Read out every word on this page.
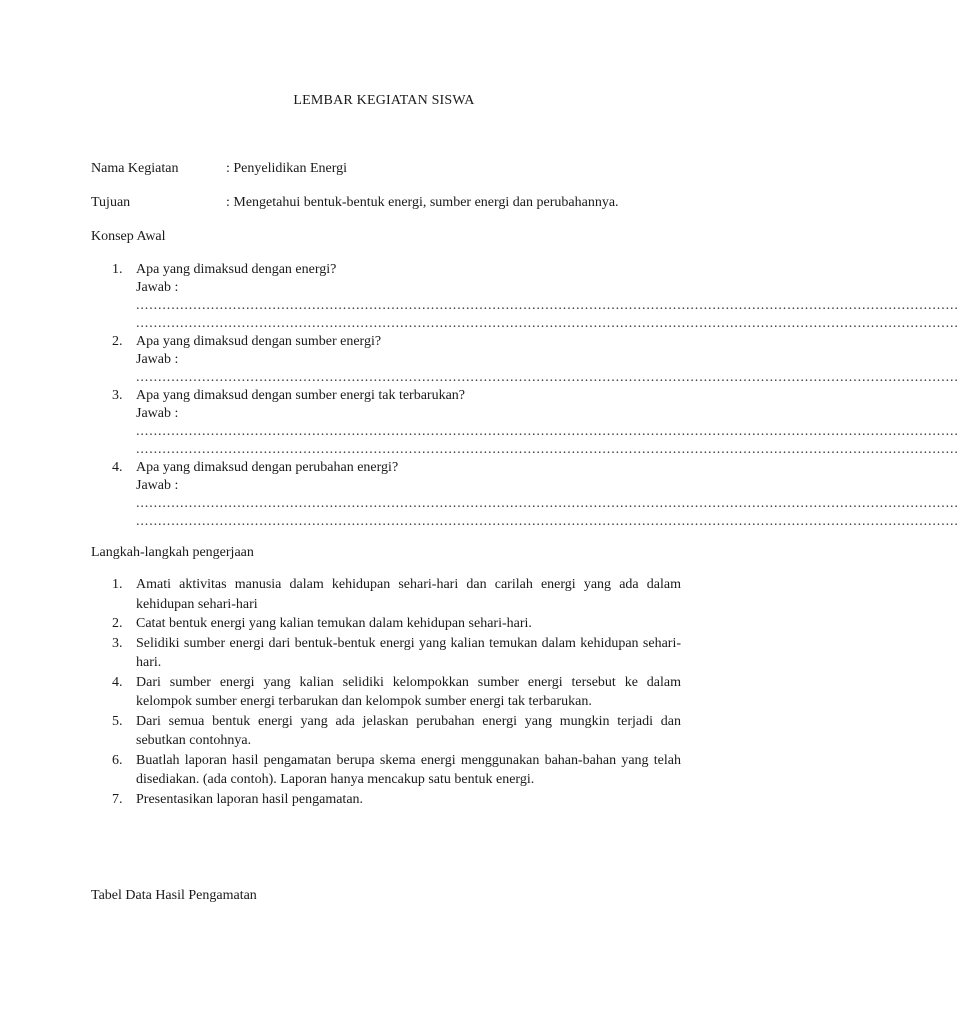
LEMBAR KEGIATAN SISWA
Nama Kegiatan	: Penyelidikan Energi
Tujuan	: Mengetahui bentuk-bentuk energi, sumber energi dan perubahannya.
Konsep Awal
1. Apa yang dimaksud dengan energi?
Jawab :
...........................................................................................................................................................................................
...........................................................................................................................................................................................
2. Apa yang dimaksud dengan sumber energi?
Jawab :
...........................................................................................................................................................................................
3. Apa yang dimaksud dengan sumber energi tak terbarukan?
Jawab :
...........................................................................................................................................................................................
...........................................................................................................................................................................................
4. Apa yang dimaksud dengan perubahan energi?
Jawab :
...........................................................................................................................................................................................
...........................................................................................................................................................................................
Langkah-langkah pengerjaan
1. Amati aktivitas manusia dalam kehidupan sehari-hari dan carilah energi yang ada dalam kehidupan sehari-hari
2. Catat bentuk energi yang kalian temukan dalam kehidupan sehari-hari.
3. Selidiki sumber energi dari bentuk-bentuk energi yang kalian temukan dalam kehidupan sehari-hari.
4. Dari sumber energi yang kalian selidiki kelompokkan sumber energi tersebut ke dalam kelompok sumber energi terbarukan dan kelompok sumber energi tak terbarukan.
5. Dari semua bentuk energi yang ada jelaskan perubahan energi yang mungkin terjadi dan sebutkan contohnya.
6. Buatlah laporan hasil pengamatan berupa skema energi menggunakan bahan-bahan yang telah disediakan. (ada contoh). Laporan hanya mencakup satu bentuk energi.
7. Presentasikan laporan hasil pengamatan.
Tabel Data Hasil Pengamatan
